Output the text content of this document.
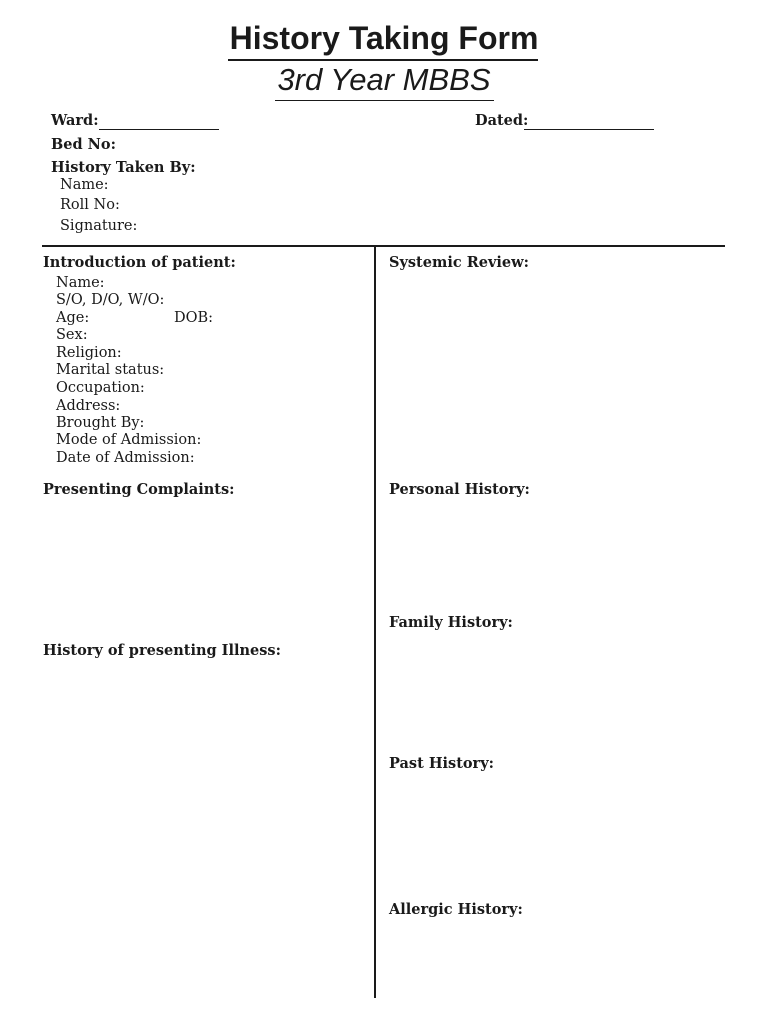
History Taking Form
3rd Year MBBS
Ward:	Dated:
Bed No:
History Taken By:
Name:
Roll No:
Signature:
Introduction of patient:
Name:
S/O, D/O, W/O:
Age:	DOB:
Sex:
Religion:
Marital status:
Occupation:
Address:
Brought By:
Mode of Admission:
Date of Admission:
Presenting Complaints:
History of presenting Illness:
Systemic Review:
Personal History:
Family History:
Past History:
Allergic History:
